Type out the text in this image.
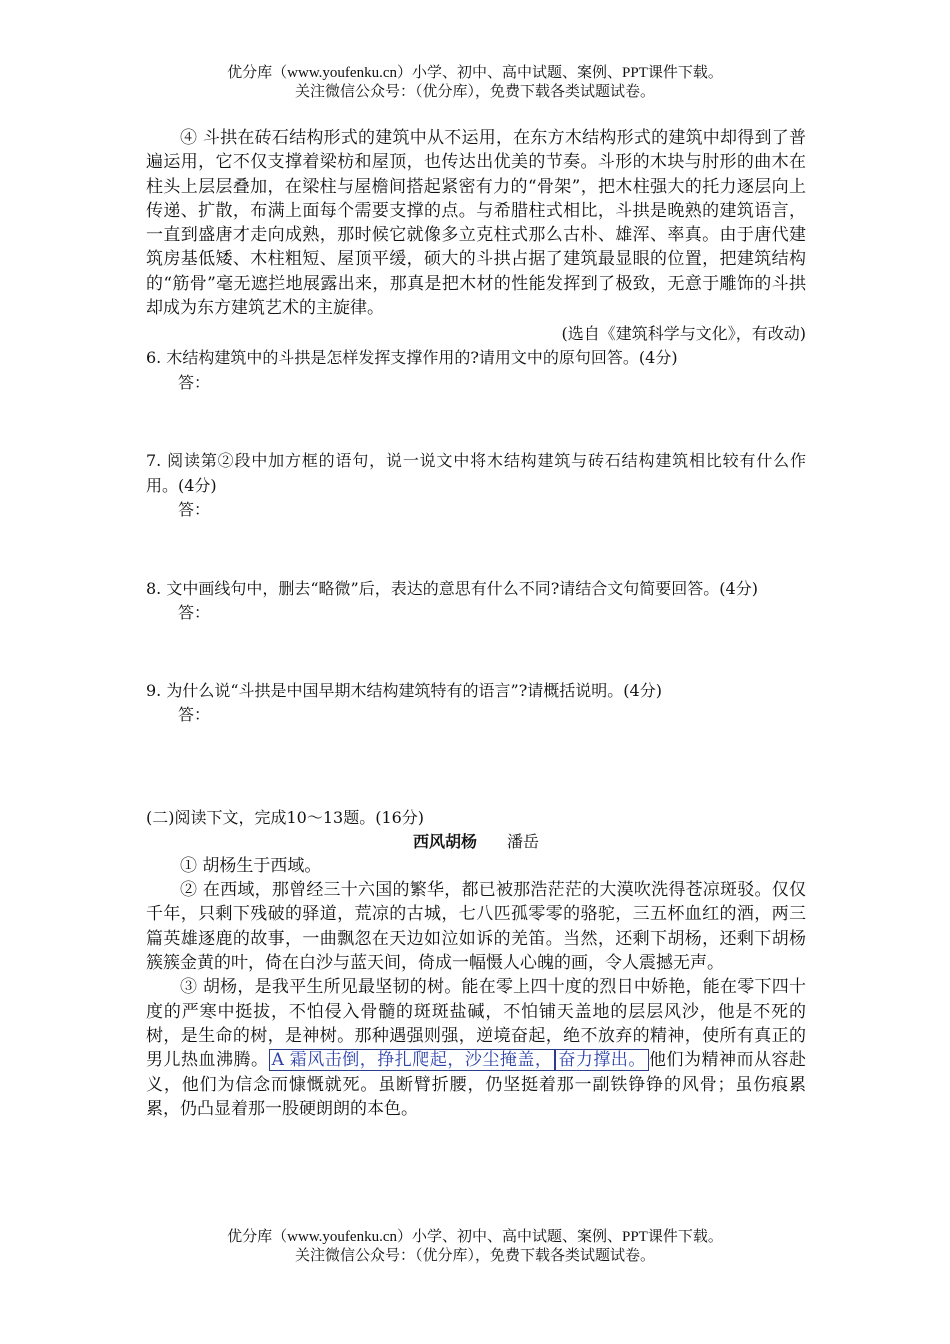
优分库（www.youfenku.cn）小学、初中、高中试题、案例、PPT课件下载。
关注微信公众号：（优分库），免费下载各类试题试卷。

④ 斗拱在砖石结构形式的建筑中从不运用，在东方木结构形式的建筑中却得到了普遍运用，它不仅支撑着梁枋和屋顶，也传达出优美的节奏。斗形的木块与肘形的曲木在柱头上层层叠加，在梁柱与屋檐间搭起紧密有力的“骨架”，把木柱强大的托力逐层向上传递、扩散，布满上面每个需要支撑的点。与希腊柱式相比，斗拱是晚熟的建筑语言，一直到盛唐才走向成熟，那时候它就像多立克柱式那么古朴、雄浑、率真。由于唐代建筑房基低矮、木柱粗短、屋顶平缓，硕大的斗拱占据了建筑最显眼的位置，把建筑结构的“筋骨”毫无遮拦地展露出来，那真是把木材的性能发挥到了极致，无意于雕饰的斗拱却成为东方建筑艺术的主旋律。

(选自《建筑科学与文化》，有改动)

6. 木结构建筑中的斗拱是怎样发挥支撑作用的?请用文中的原句回答。(4分)

答：

7. 阅读第②段中加方框的语句，说一说文中将木结构建筑与砖石结构建筑相比较有什么作用。(4分)

答：

8. 文中画线句中，删去“略微”后，表达的意思有什么不同?请结合文句简要回答。(4分)

答：

9. 为什么说“斗拱是中国早期木结构建筑特有的语言”?请概括说明。(4分)

答：

(二)阅读下文，完成10～13题。(16分)

西风胡杨 潘岳

① 胡杨生于西域。

② 在西域，那曾经三十六国的繁华，都已被那浩茫茫的大漠吹洗得苍凉斑驳。仅仅千年，只剩下残破的驿道，荒凉的古城，七八匹孤零零的骆驼，三五杯血红的酒，两三篇英雄逐鹿的故事，一曲飘忽在天边如泣如诉的羌笛。当然，还剩下胡杨，还剩下胡杨簇簇金黄的叶，倚在白沙与蓝天间，倚成一幅慑人心魄的画，令人震撼无声。

③ 胡杨，是我平生所见最坚韧的树。能在零上四十度的烈日中娇艳，能在零下四十度的严寒中挺拔，不怕侵入骨髓的斑斑盐碱，不怕铺天盖地的层层风沙，他是不死的树，是生命的树，是神树。那种遇强则强，逆境奋起，绝不放弃的精神，使所有真正的男儿热血沸腾。 A 霜风击倒，挣扎爬起，沙尘掩盖， 奋力撑出。 他们为精神而从容赴义，他们为信念而慷慨就死。虽断臂折腰，仍坚挺着那一副铁铮铮的风骨；虽伤痕累累，仍凸显着那一股硬朗朗的本色。

优分库（www.youfenku.cn）小学、初中、高中试题、案例、PPT课件下载。
关注微信公众号：（优分库），免费下载各类试题试卷。
